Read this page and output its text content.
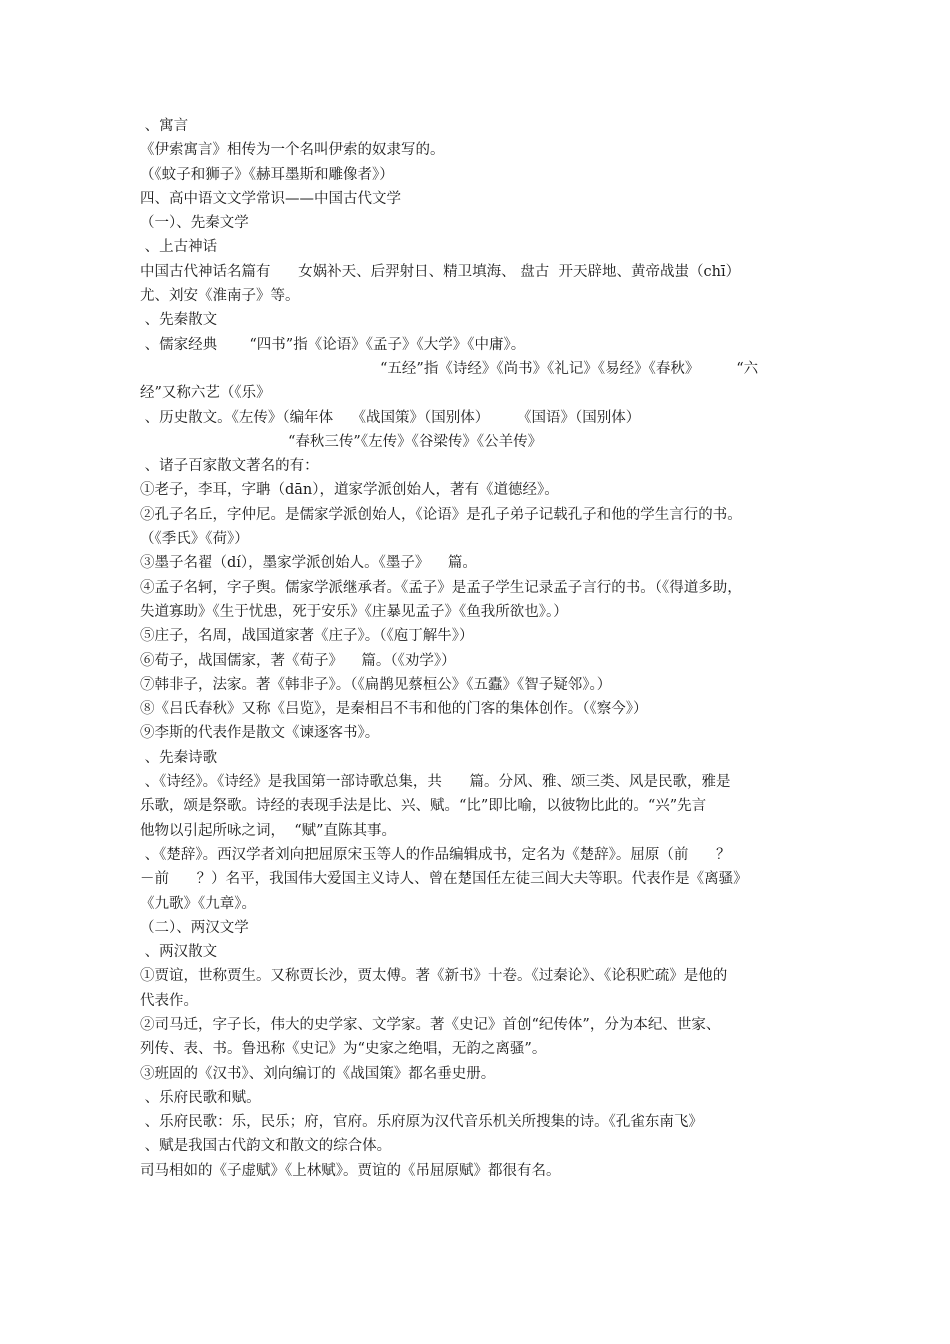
、寓言
《伊索寓言》相传为一个名叫伊索的奴隶写的。
（《蚊子和狮子》《赫耳墨斯和雕像者》）
四、高中语文文学常识——中国古代文学
（一）、先秦文学
、上古神话
中国古代神话名篇有      女娲补天、后羿射日、精卫填海、 盘古  开天辟地、黄帝战蚩（chī）
尤、刘安《淮南子》等。
、先秦散文
、儒家经典       “四书”指《论语》《孟子》《大学》《中庸》。
“五经”指《诗经》《尚书》《礼记》《易经》《春秋》        “六
经”又称六艺（《乐》
、历史散文。《左传》（编年体    《战国策》（国别体）      《国语》（国别体）
“春秋三传”《左传》《谷梁传》《公羊传》
、诸子百家散文著名的有：
①老子，李耳，字聃（dān），道家学派创始人，著有《道德经》。
②孔子名丘，字仲尼。是儒家学派创始人，《论语》是孔子弟子记载孔子和他的学生言行的书。
（《季氏》《荷》）
③墨子名翟（dí），墨家学派创始人。《墨子》    篇。
④孟子名轲，字子舆。儒家学派继承者。《孟子》是孟子学生记录孟子言行的书。（《得道多助，
失道寡助》《生于忧患，死于安乐》《庄暴见孟子》《鱼我所欲也》。）
⑤庄子，名周，战国道家著《庄子》。（《庖丁解牛》）
⑥荀子，战国儒家，著《荀子》    篇。（《劝学》）
⑦韩非子，法家。著《韩非子》。（《扁鹊见蔡桓公》《五蠹》《智子疑邻》。）
⑧《吕氏春秋》又称《吕览》，是秦相吕不韦和他的门客的集体创作。（《察今》）
⑨李斯的代表作是散文《谏逐客书》。
、先秦诗歌
、《诗经》。《诗经》是我国第一部诗歌总集，共      篇。分风、雅、颂三类、风是民歌，雅是
乐歌，颂是祭歌。诗经的表现手法是比、兴、赋。“比”即比喻，以彼物比此的。“兴”先言
他物以引起所咏之词，  “赋”直陈其事。
、《楚辞》。西汉学者刘向把屈原宋玉等人的作品编辑成书，定名为《楚辞》。屈原（前      ？
－前      ？）名平，我国伟大爱国主义诗人、曾在楚国任左徒三闾大夫等职。代表作是《离骚》
《九歌》《九章》。
（二）、两汉文学
、两汉散文
①贾谊，世称贾生。又称贾长沙，贾太傅。著《新书》十卷。《过秦论》、《论积贮疏》是他的
代表作。
②司马迁，字子长，伟大的史学家、文学家。著《史记》首创“纪传体”，分为本纪、世家、
列传、表、书。鲁迅称《史记》为“史家之绝唱，无韵之离骚”。
③班固的《汉书》、刘向编订的《战国策》都名垂史册。
、乐府民歌和赋。
、乐府民歌：乐，民乐；府，官府。乐府原为汉代音乐机关所搜集的诗。《孔雀东南飞》
、赋是我国古代韵文和散文的综合体。
司马相如的《子虚赋》《上林赋》。贾谊的《吊屈原赋》都很有名。
